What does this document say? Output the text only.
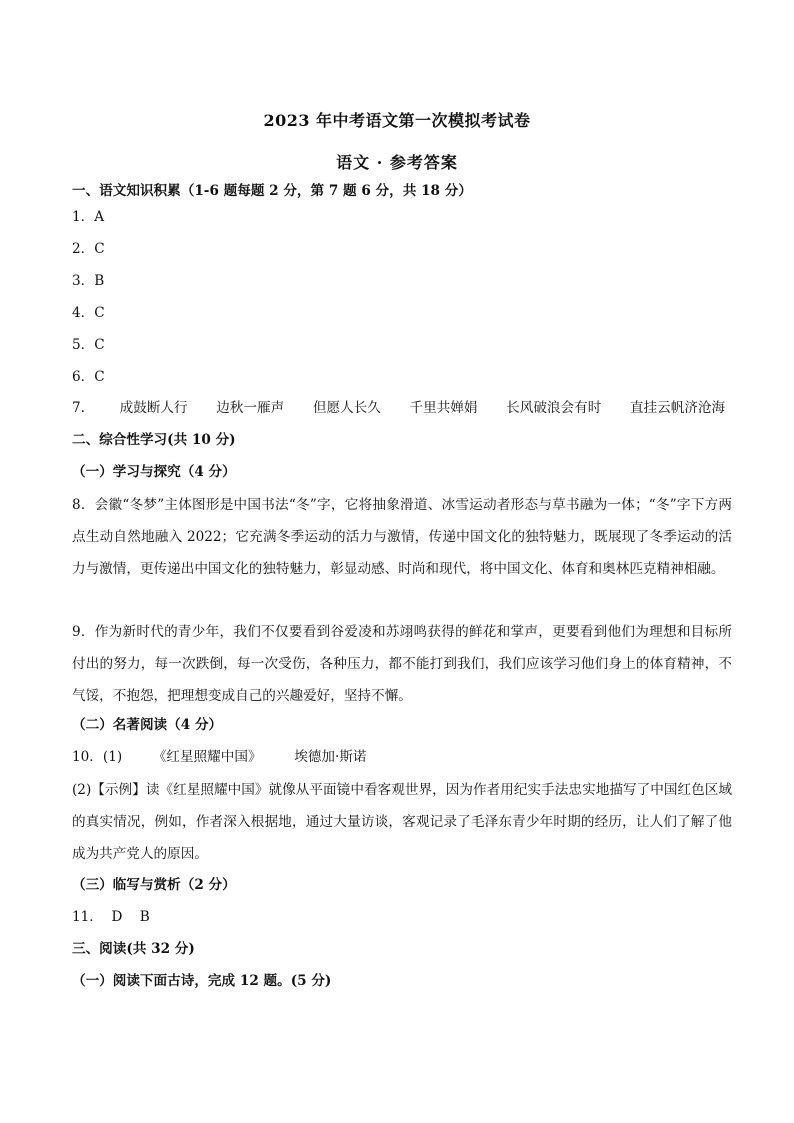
2023 年中考语文第一次模拟考试卷
语文 · 参考答案
一、语文知识积累（1-6 题每题 2 分，第 7 题 6 分，共 18 分）
1．A
2．C
3．B
4．C
5．C
6．C
7.	成鼓断人行 边秋一雁声 但愿人长久 千里共婵娟 长风破浪会有时 直挂云帆济沧海
二、综合性学习(共 10 分)
（一）学习与探究（4 分）
8．会徽“冬梦”主体图形是中国书法“冬”字，它将抽象滑道、冰雪运动者形态与草书融为一体；“冬”字下方两点生动自然地融入 2022；它充满冬季运动的活力与激情，传递中国文化的独特魅力，既展现了冬季运动的活力与激情，更传递出中国文化的独特魅力，彰显动感、时尚和现代，将中国文化、体育和奥林匹克精神相融。
9．作为新时代的青少年，我们不仅要看到谷爱凌和苏翊鸣获得的鲜花和掌声，更要看到他们为理想和目标所付出的努力，每一次跌倒，每一次受伤，各种压力，都不能打到我们，我们应该学习他们身上的体育精神，不气馁，不抱怨，把理想变成自己的兴趣爱好，坚持不懈。
（二）名著阅读（4 分）
10．(1) 《红星照耀中国》 埃德加·斯诺
(2)【示例】读《红星照耀中国》就像从平面镜中看客观世界，因为作者用纪实手法忠实地描写了中国红色区域的真实情况，例如，作者深入根据地，通过大量访谈，客观记录了毛泽东青少年时期的经历，让人们了解了他成为共产党人的原因。
（三）临写与赏析（2 分）
11．  D    B
三、阅读(共 32 分)
（一）阅读下面古诗，完成 12 题。(5 分)
